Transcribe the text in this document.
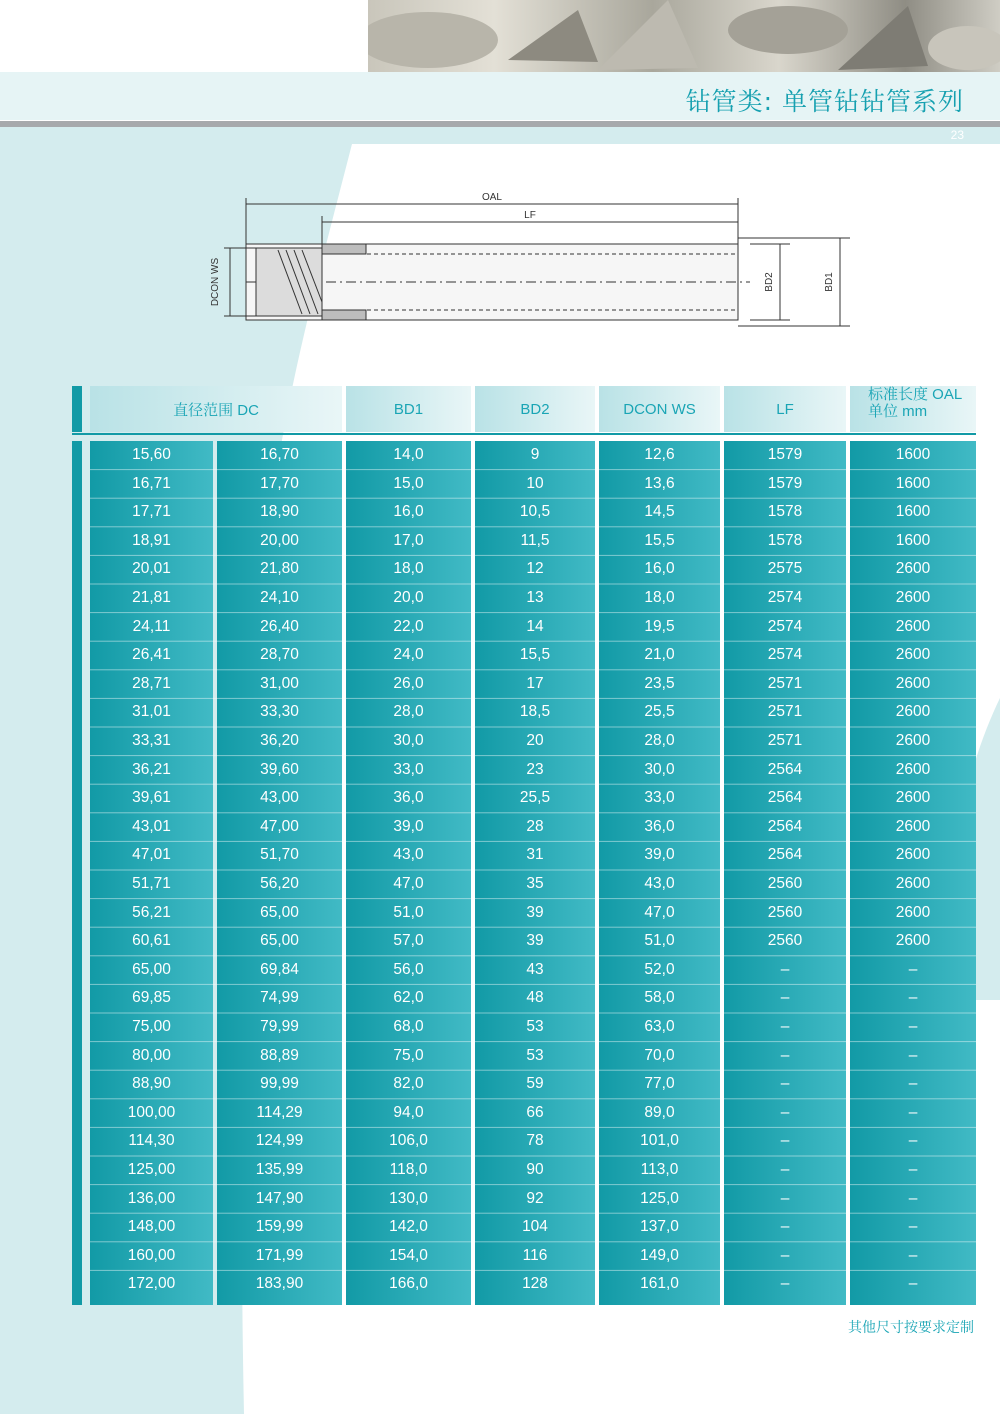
钻管类: 单管钻钻管系列
23
OAL
LF
DCON WS	BD2	BD1
直径范围 DC	BD1	BD2	DCON WS	LF
标准长度 OAL
单位 mm
15,60	16,70	14,0	9	12,6	1579	1600
16,71	17,70	15,0	10	13,6	1579	1600
17,71	18,90	16,0	10,5	14,5	1578	1600
18,91	20,00	17,0	11,5	15,5	1578	1600
20,01	21,80	18,0	12	16,0	2575	2600
21,81	24,10	20,0	13	18,0	2574	2600
24,11	26,40	22,0	14	19,5	2574	2600
26,41	28,70	24,0	15,5	21,0	2574	2600
28,71	31,00	26,0	17	23,5	2571	2600
31,01	33,30	28,0	18,5	25,5	2571	2600
33,31	36,20	30,0	20	28,0	2571	2600
36,21	39,60	33,0	23	30,0	2564	2600
39,61	43,00	36,0	25,5	33,0	2564	2600
43,01	47,00	39,0	28	36,0	2564	2600
47,01	51,70	43,0	31	39,0	2564	2600
51,71	56,20	47,0	35	43,0	2560	2600
56,21	65,00	51,0	39	47,0	2560	2600
60,61	65,00	57,0	39	51,0	2560	2600
65,00	69,84	56,0	43	52,0	–	–
69,85	74,99	62,0	48	58,0	–	–
75,00	79,99	68,0	53	63,0	–	–
80,00	88,89	75,0	53	70,0	–	–
88,90	99,99	82,0	59	77,0	–	–
100,00	114,29	94,0	66	89,0	–	–
114,30	124,99	106,0	78	101,0	–	–
125,00	135,99	118,0	90	113,0	–	–
136,00	147,90	130,0	92	125,0	–	–
148,00	159,99	142,0	104	137,0	–	–
160,00	171,99	154,0	116	149,0	–	–
172,00	183,90	166,0	128	161,0	–	–
其他尺寸按要求定制
